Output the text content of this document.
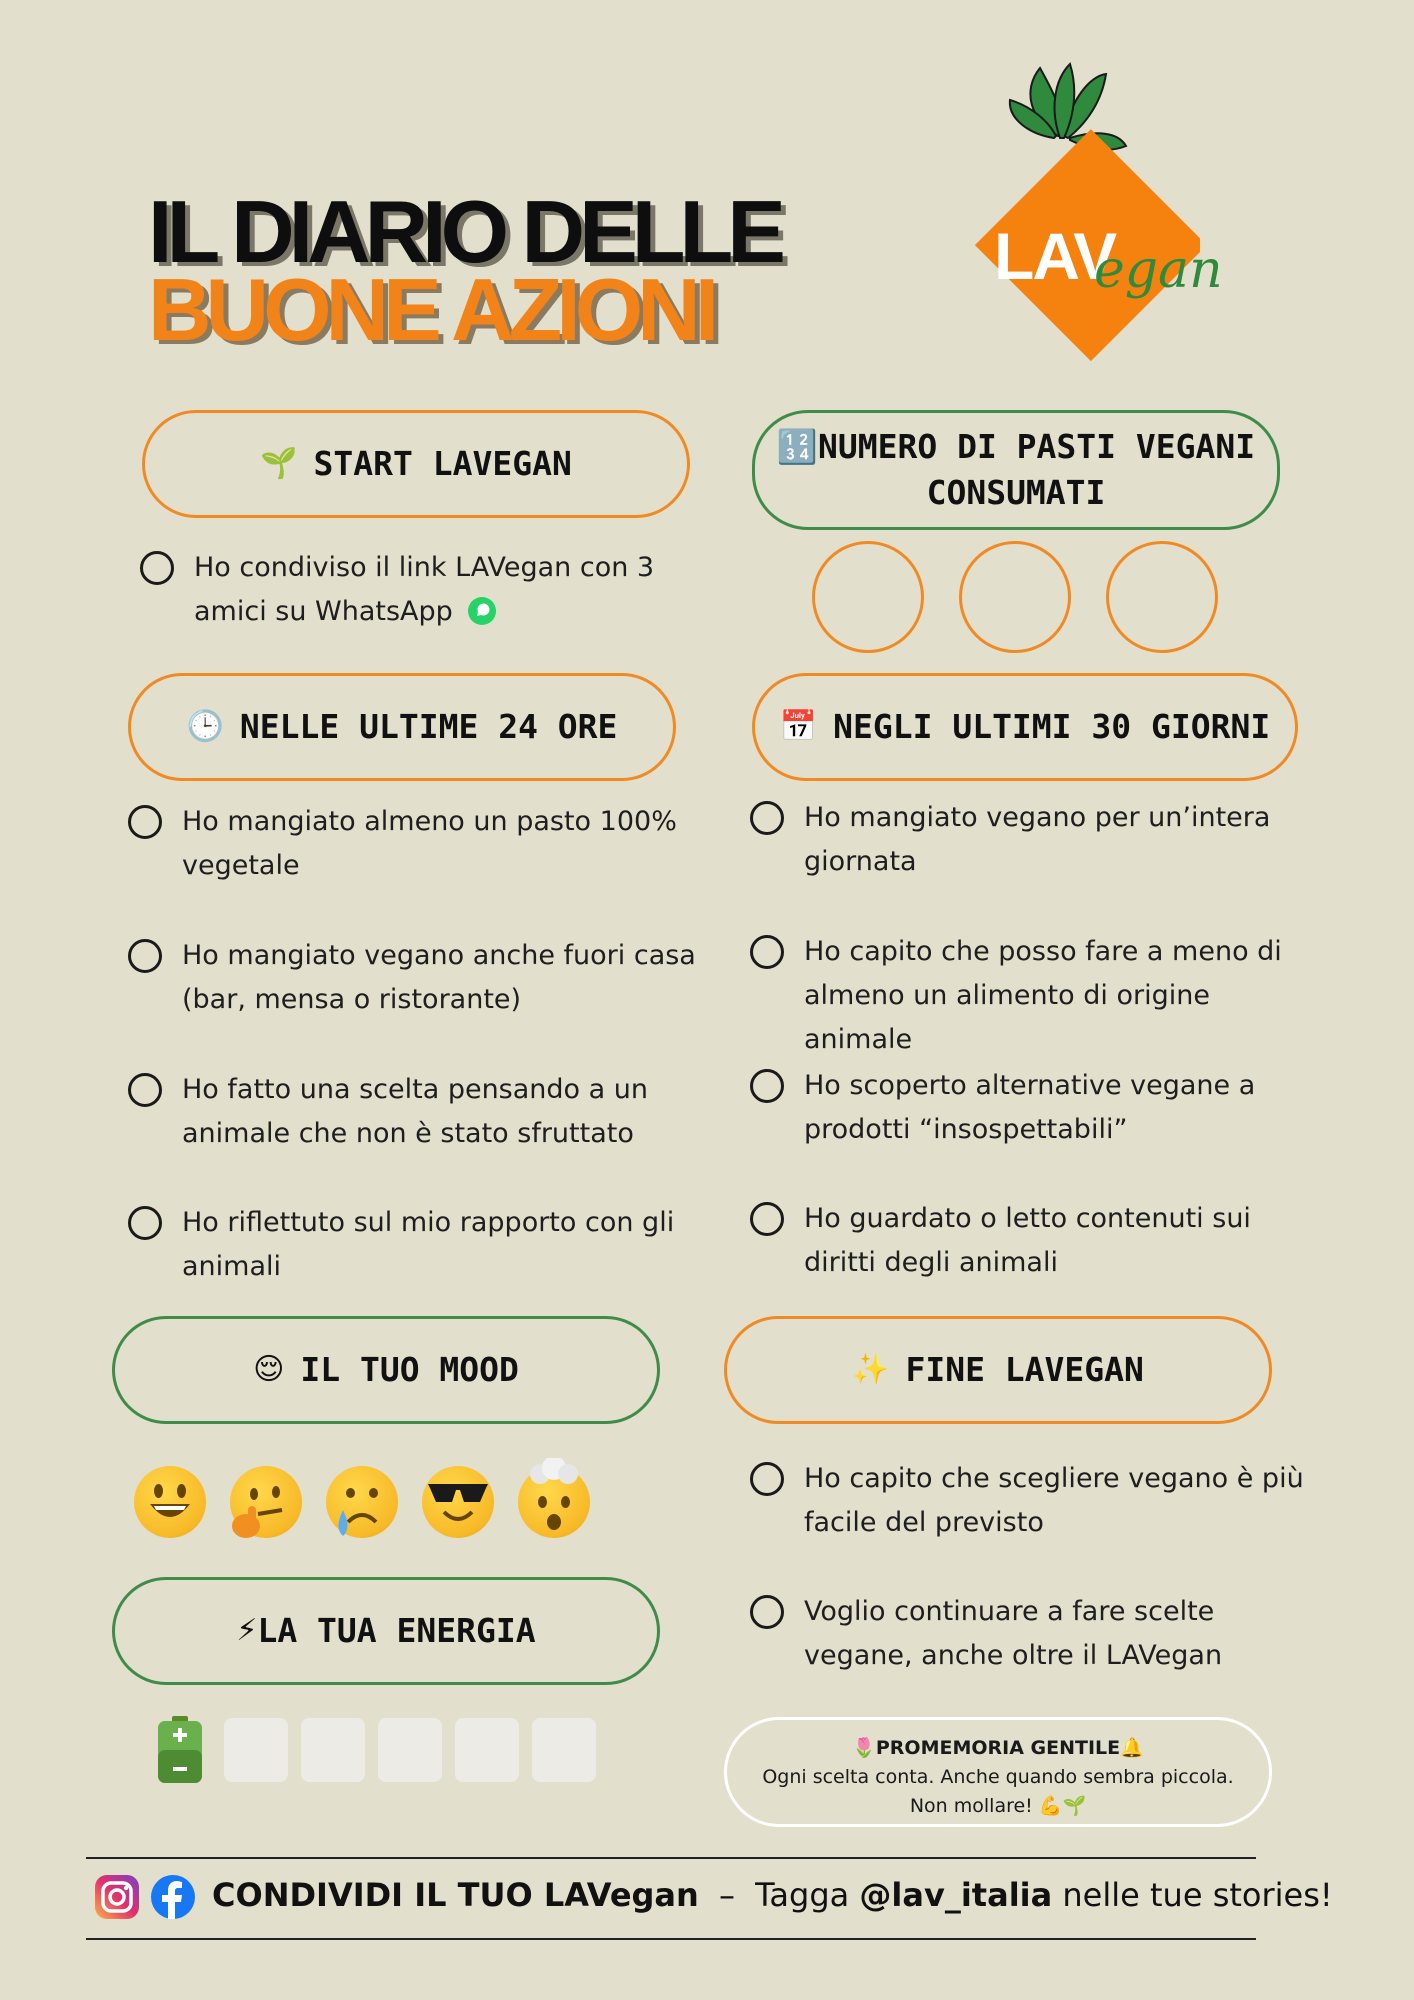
IL DIARIO DELLE
BUONE AZIONI
LAV
egan
🌱 START LAVEGAN
Ho condiviso il link LAVegan con 3 amici su WhatsApp
🔢NUMERO DI PASTI VEGANI CONSUMATI
🕒 NELLE ULTIME 24 ORE
Ho mangiato almeno un pasto 100% vegetale
Ho mangiato vegano anche fuori casa (bar, mensa o ristorante)
Ho fatto una scelta pensando a un animale che non è stato sfruttato
Ho riflettuto sul mio rapporto con gli animali
📅 NEGLI ULTIMI 30 GIORNI
Ho mangiato vegano per un’intera giornata
Ho capito che posso fare a meno di almeno un alimento di origine animale
Ho scoperto alternative vegane a prodotti “insospettabili”
Ho guardato o letto contenuti sui diritti degli animali
😌 IL TUO MOOD
⚡ LA TUA ENERGIA
✨ FINE LAVEGAN
Ho capito che scegliere vegano è più facile del previsto
Voglio continuare a fare scelte vegane, anche oltre il LAVegan
🌷PROMEMORIA GENTILE🔔
Ogni scelta conta. Anche quando sembra piccola.
Non mollare! 💪🌱
CONDIVIDI IL TUO LAVegan – Tagga @lav_italia nelle tue stories!
